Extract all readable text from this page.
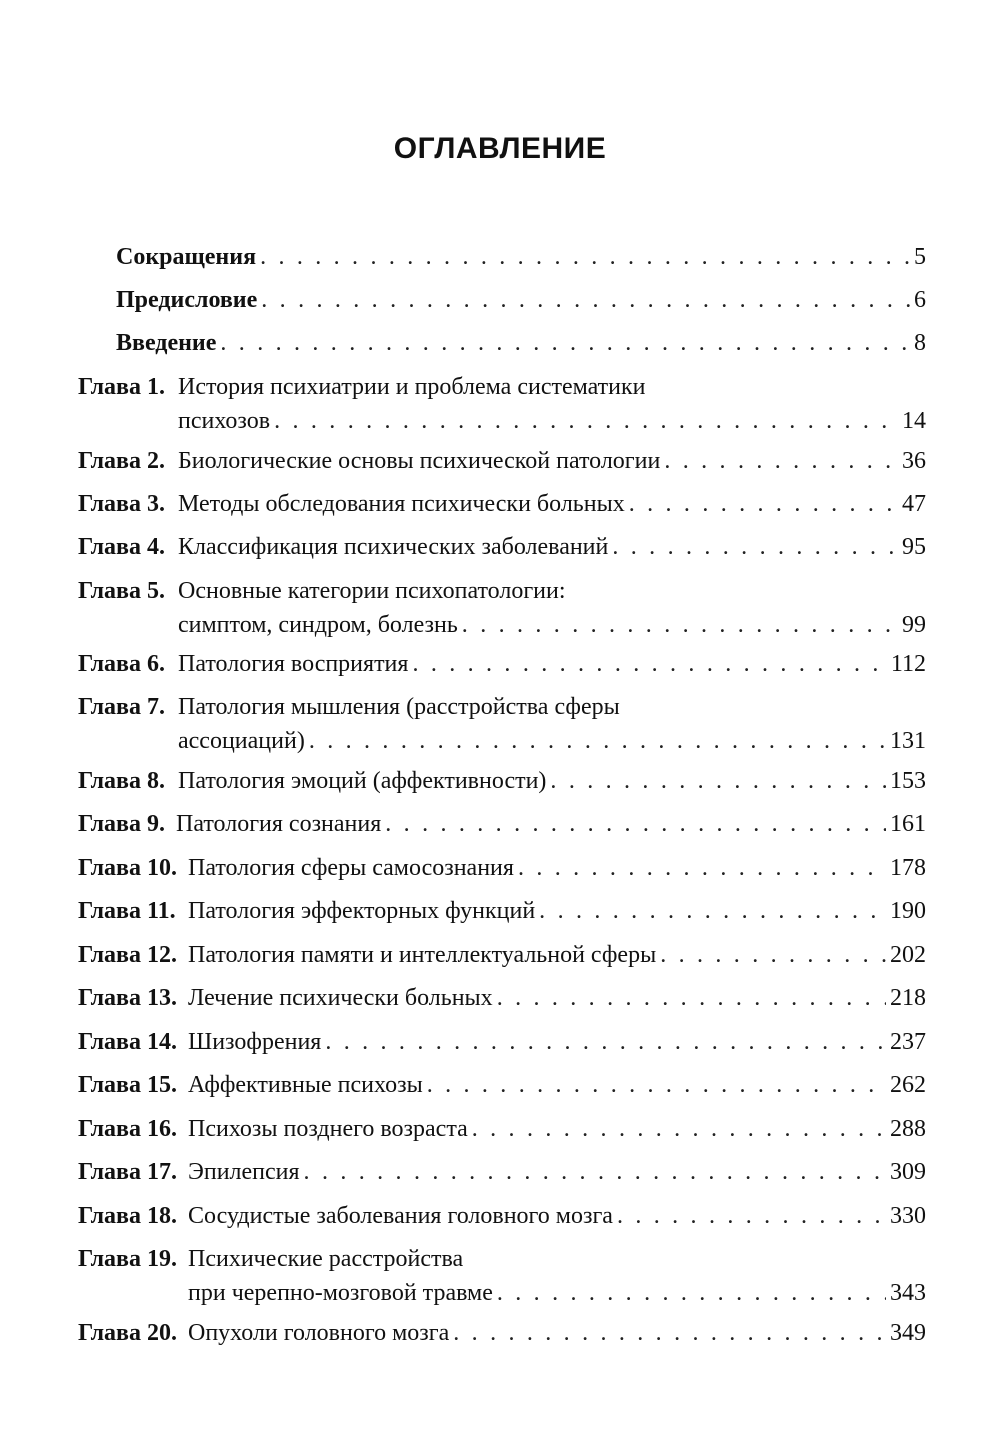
ОГЛАВЛЕНИЕ
Сокращения . . .	5
Предисловие . . .	6
Введение . . .	8
Глава 1. История психиатрии и проблема систематики
психозов . . .	14
Глава 2. Биологические основы психической патологии . . .	36
Глава 3. Методы обследования психически больных . . .	47
Глава 4. Классификация психических заболеваний . . .	95
Глава 5. Основные категории психопатологии:
симптом, синдром, болезнь . . .	99
Глава 6. Патология восприятия . . .	112
Глава 7. Патология мышления (расстройства сферы
ассоциаций) . . .	131
Глава 8. Патология эмоций (аффективности) . . .	153
Глава 9. Патология сознания . . .	161
Глава 10. Патология сферы самосознания . . .	178
Глава 11. Патология эффекторных функций . . .	190
Глава 12. Патология памяти и интеллектуальной сферы . . .	202
Глава 13. Лечение психически больных . . .	218
Глава 14. Шизофрения . . .	237
Глава 15. Аффективные психозы . . .	262
Глава 16. Психозы позднего возраста . . .	288
Глава 17. Эпилепсия . . .	309
Глава 18. Сосудистые заболевания головного мозга . . .	330
Глава 19. Психические расстройства
при черепно-мозговой травме . . .	343
Глава 20. Опухоли головного мозга . . .	349
